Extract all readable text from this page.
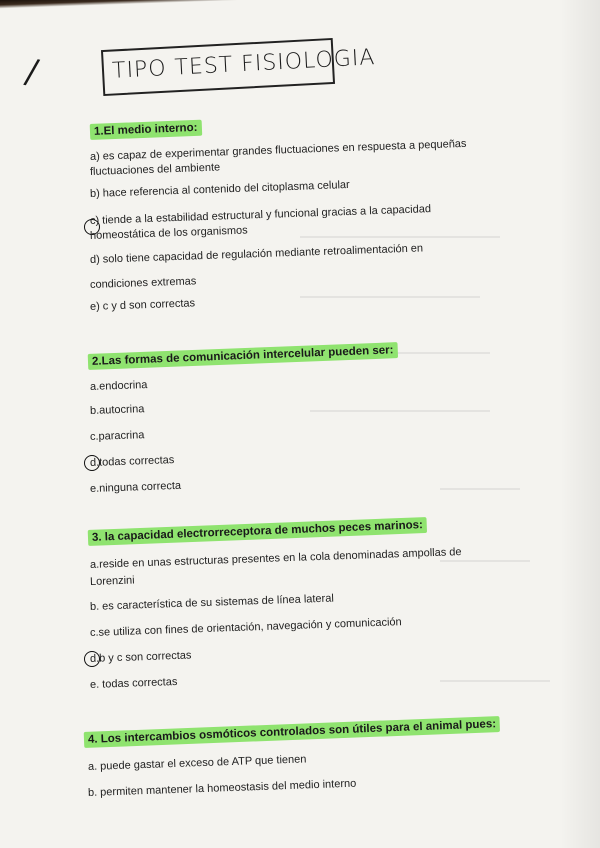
/	TIPO TEST FISIOLOGIA
1.El medio interno:
a) es capaz de experimentar grandes fluctuaciones en respuesta a pequeñas
fluctuaciones del ambiente
b) hace referencia al contenido del citoplasma celular
c) tiende a la estabilidad estructural y funcional gracias a la capacidad
homeostática de los organismos
d) solo tiene capacidad de regulación mediante retroalimentación en
condiciones extremas
e) c y d son correctas
2.Las formas de comunicación intercelular pueden ser:
a.endocrina
b.autocrina
c.paracrina
d.todas correctas
e.ninguna correcta
3. la capacidad electrorreceptora de muchos peces marinos:
a.reside en unas estructuras presentes en la cola denominadas ampollas de
Lorenzini
b. es característica de su sistemas de línea lateral
c.se utiliza con fines de orientación, navegación y comunicación
d.b y c son correctas
e. todas correctas
4. Los intercambios osmóticos controlados son útiles para el animal pues:
a. puede gastar el exceso de ATP que tienen
b. permiten mantener la homeostasis del medio interno
